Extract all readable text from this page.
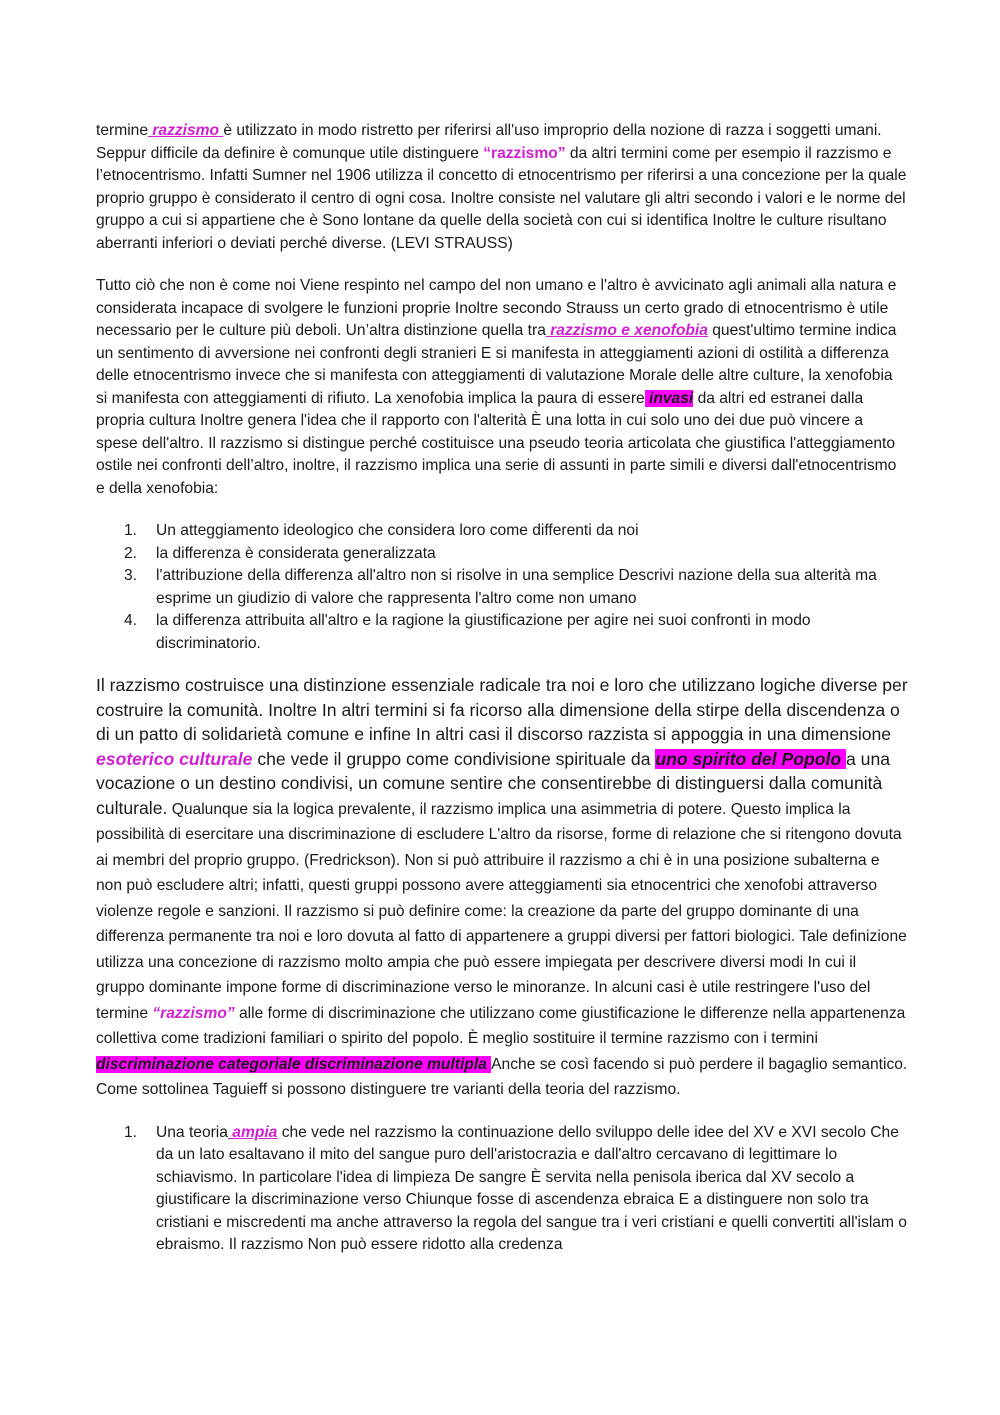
termine razzismo è utilizzato in modo ristretto per riferirsi all'uso improprio della nozione di razza i soggetti umani. Seppur difficile da definire è comunque utile distinguere “razzismo” da altri termini come per esempio il razzismo e l’etnocentrismo. Infatti Sumner nel 1906 utilizza il concetto di etnocentrismo per riferirsi a una concezione per la quale proprio gruppo è considerato il centro di ogni cosa. Inoltre consiste nel valutare gli altri secondo i valori e le norme del gruppo a cui si appartiene che è Sono lontane da quelle della società con cui si identifica Inoltre le culture risultano aberranti inferiori o deviati perché diverse. (LEVI STRAUSS)

Tutto ciò che non è come noi Viene respinto nel campo del non umano e l'altro è avvicinato agli animali alla natura e considerata incapace di svolgere le funzioni proprie Inoltre secondo Strauss un certo grado di etnocentrismo è utile necessario per le culture più deboli. Un’altra distinzione quella tra razzismo e xenofobia quest'ultimo termine indica un sentimento di avversione nei confronti degli stranieri E si manifesta in atteggiamenti azioni di ostilità a differenza delle etnocentrismo invece che si manifesta con atteggiamenti di valutazione Morale delle altre culture, la xenofobia si manifesta con atteggiamenti di rifiuto. La xenofobia implica la paura di essere invasi da altri ed estranei dalla propria cultura Inoltre genera l'idea che il rapporto con l'alterità È una lotta in cui solo uno dei due può vincere a spese dell'altro. Il razzismo si distingue perché costituisce una pseudo teoria articolata che giustifica l'atteggiamento ostile nei confronti dell’altro, inoltre, il razzismo implica una serie di assunti in parte simili e diversi dall'etnocentrismo e della xenofobia:

1. Un atteggiamento ideologico che considera loro come differenti da noi
2. la differenza è considerata generalizzata
3. l'attribuzione della differenza all'altro non si risolve in una semplice Descrivi nazione della sua alterità ma esprime un giudizio di valore che rappresenta l'altro come non umano
4. la differenza attribuita all'altro e la ragione la giustificazione per agire nei suoi confronti in modo discriminatorio.

Il razzismo costruisce una distinzione essenziale radicale tra noi e loro che utilizzano logiche diverse per costruire la comunità. Inoltre In altri termini si fa ricorso alla dimensione della stirpe della discendenza o di un patto di solidarietà comune e infine In altri casi il discorso razzista si appoggia in una dimensione esoterico culturale che vede il gruppo come condivisione spirituale da uno spirito del Popolo a una vocazione o un destino condivisi, un comune sentire che consentirebbe di distinguersi dalla comunità culturale. Qualunque sia la logica prevalente, il razzismo implica una asimmetria di potere. Questo implica la possibilità di esercitare una discriminazione di escludere L'altro da risorse, forme di relazione che si ritengono dovuta ai membri del proprio gruppo. (Fredrickson). Non si può attribuire il razzismo a chi è in una posizione subalterna e non può escludere altri; infatti, questi gruppi possono avere atteggiamenti sia etnocentrici che xenofobi attraverso violenze regole e sanzioni. Il razzismo si può definire come: la creazione da parte del gruppo dominante di una differenza permanente tra noi e loro dovuta al fatto di appartenere a gruppi diversi per fattori biologici. Tale definizione utilizza una concezione di razzismo molto ampia che può essere impiegata per descrivere diversi modi In cui il gruppo dominante impone forme di discriminazione verso le minoranze. In alcuni casi è utile restringere l'uso del termine “razzismo” alle forme di discriminazione che utilizzano come giustificazione le differenze nella appartenenza collettiva come tradizioni familiari o spirito del popolo. È meglio sostituire il termine razzismo con i termini discriminazione categoriale discriminazione multipla Anche se così facendo si può perdere il bagaglio semantico. Come sottolinea Taguieff si possono distinguere tre varianti della teoria del razzismo.

1. Una teoria ampia che vede nel razzismo la continuazione dello sviluppo delle idee del XV e XVI secolo Che da un lato esaltavano il mito del sangue puro dell'aristocrazia e dall'altro cercavano di legittimare lo schiavismo. In particolare l'idea di limpieza De sangre È servita nella penisola iberica dal XV secolo a giustificare la discriminazione verso Chiunque fosse di ascendenza ebraica E a distinguere non solo tra cristiani e miscredenti ma anche attraverso la regola del sangue tra i veri cristiani e quelli convertiti all'islam o ebraismo. Il razzismo Non può essere ridotto alla credenza
